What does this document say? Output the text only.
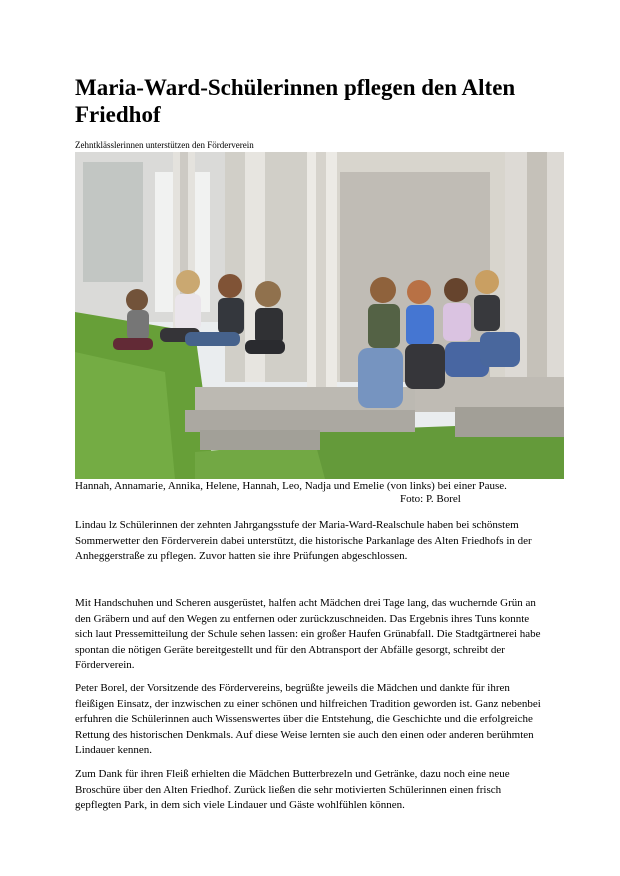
Maria-Ward-Schülerinnen pflegen den Alten Friedhof
Zehntklässlerinnen unterstützen den Förderverein
Hannah, Annamarie, Annika, Helene, Hannah, Leo, Nadja und Emelie (von links) bei einer Pause.
Foto: P. Borel

Lindau lz Schülerinnen der zehnten Jahrgangsstufe der Maria-Ward-Realschule haben bei schönstem Sommerwetter den Förderverein dabei unterstützt, die historische Parkanlage des Alten Friedhofs in der Anheggerstraße zu pflegen. Zuvor hatten sie ihre Prüfungen abgeschlossen.

Mit Handschuhen und Scheren ausgerüstet, halfen acht Mädchen drei Tage lang, das wuchernde Grün an den Gräbern und auf den Wegen zu entfernen oder zurückzuschneiden. Das Ergebnis ihres Tuns konnte sich laut Pressemitteilung der Schule sehen lassen: ein großer Haufen Grünabfall. Die Stadtgärtnerei habe spontan die nötigen Geräte bereitgestellt und für den Abtransport der Abfälle gesorgt, schreibt der Förderverein.

Peter Borel, der Vorsitzende des Fördervereins, begrüßte jeweils die Mädchen und dankte für ihren fleißigen Einsatz, der inzwischen zu einer schönen und hilfreichen Tradition geworden ist. Ganz nebenbei erfuhren die Schülerinnen auch Wissenswertes über die Entstehung, die Geschichte und die erfolgreiche Rettung des historischen Denkmals. Auf diese Weise lernten sie auch den einen oder anderen berühmten Lindauer kennen.

Zum Dank für ihren Fleiß erhielten die Mädchen Butterbrezeln und Getränke, dazu noch eine neue Broschüre über den Alten Friedhof. Zurück ließen die sehr motivierten Schülerinnen einen frisch gepflegten Park, in dem sich viele Lindauer und Gäste wohlfühlen können.
